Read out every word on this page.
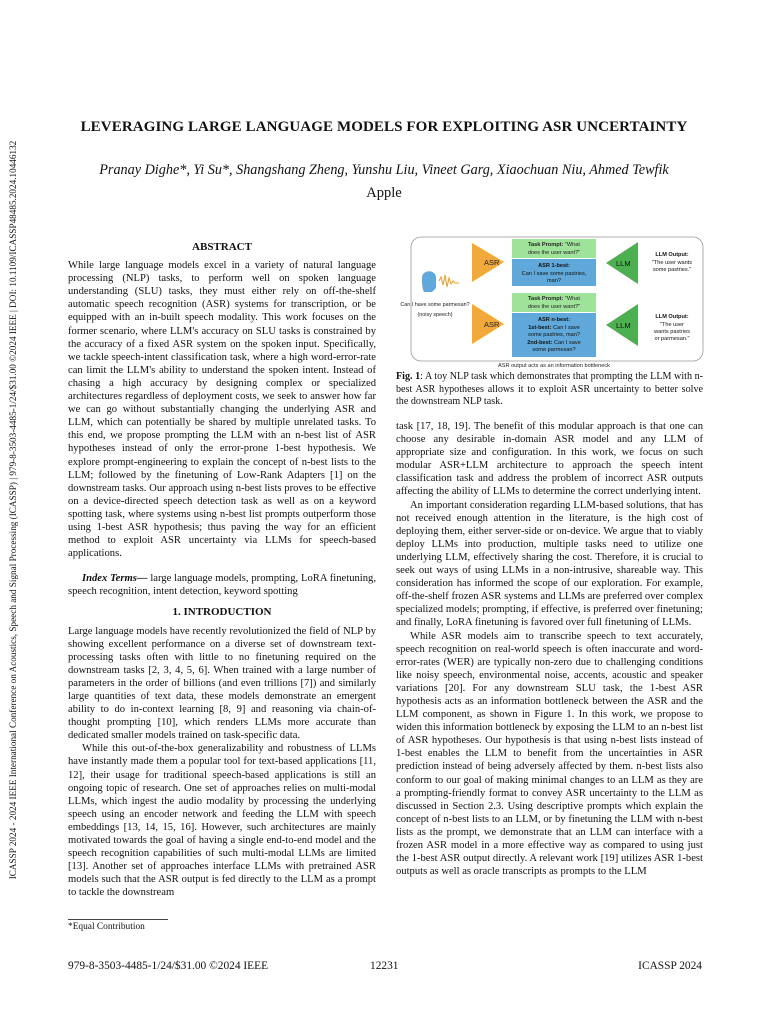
ICASSP 2024 - 2024 IEEE International Conference on Acoustics, Speech and Signal Processing (ICASSP) | 979-8-3503-4485-1/24/$31.00 ©2024 IEEE | DOI: 10.1109/ICASSP48485.2024.10446132
LEVERAGING LARGE LANGUAGE MODELS FOR EXPLOITING ASR UNCERTAINTY
Pranay Dighe*, Yi Su*, Shangshang Zheng, Yunshu Liu, Vineet Garg, Xiaochuan Niu, Ahmed Tewfik
Apple
ABSTRACT

While large language models excel in a variety of natural language processing (NLP) tasks, to perform well on spoken language understanding (SLU) tasks, they must either rely on off-the-shelf automatic speech recognition (ASR) systems for transcription, or be equipped with an in-built speech modality. This work focuses on the former scenario, where LLM's accuracy on SLU tasks is constrained by the accuracy of a fixed ASR system on the spoken input. Specifically, we tackle speech-intent classification task, where a high word-error-rate can limit the LLM's ability to understand the spoken intent. Instead of chasing a high accuracy by designing complex or specialized architectures regardless of deployment costs, we seek to answer how far we can go without substantially changing the underlying ASR and LLM, which can potentially be shared by multiple unrelated tasks. To this end, we propose prompting the LLM with an n-best list of ASR hypotheses instead of only the error-prone 1-best hypothesis. We explore prompt-engineering to explain the concept of n-best lists to the LLM; followed by the finetuning of Low-Rank Adapters [1] on the downstream tasks. Our approach using n-best lists proves to be effective on a device-directed speech detection task as well as on a keyword spotting task, where systems using n-best list prompts outperform those using 1-best ASR hypothesis; thus paving the way for an efficient method to exploit ASR uncertainty via LLMs for speech-based applications.

Index Terms— large language models, prompting, LoRA finetuning, speech recognition, intent detection, keyword spotting

1. INTRODUCTION

Large language models have recently revolutionized the field of NLP by showing excellent performance on a diverse set of downstream text-processing tasks often with little to no finetuning required on the downstream tasks [2, 3, 4, 5, 6]. When trained with a large number of parameters in the order of billions (and even trillions [7]) and similarly large quantities of text data, these models demonstrate an emergent ability to do in-context learning [8, 9] and reasoning via chain-of-thought prompting [10], which renders LLMs more accurate than dedicated smaller models trained on task-specific data.

While this out-of-the-box generalizability and robustness of LLMs have instantly made them a popular tool for text-based applications [11, 12], their usage for traditional speech-based applications is still an ongoing topic of research. One set of approaches relies on multi-modal LLMs, which ingest the audio modality by processing the underlying speech using an encoder network and feeding the LLM with speech embeddings [13, 14, 15, 16]. However, such architectures are mainly motivated towards the goal of having a single end-to-end model and the speech recognition capabilities of such multi-modal LLMs are limited [13]. Another set of approaches interface LLMs with pretrained ASR models such that the ASR output is fed directly to the LLM as a prompt to tackle the downstream

Can I have some parmesan?
(noisy speech)
ASR
ASR
Task Prompt: "What
does the user want?"
ASR 1-best:
Can I save some pastries,
man?
LLM
LLM Output:
"The user wants
some pastries."
Task Prompt: "What
does the user want?"
ASR n-best:
1st-best: Can I save
some pastries, man?
2nd-best: Can I save
some parmesan?
LLM
LLM Output:
"The user
wants pastries
or parmesan."
ASR output acts as an information bottleneck
Fig. 1: A toy NLP task which demonstrates that prompting the LLM with n-best ASR hypotheses allows it to exploit ASR uncertainty to better solve the downstream NLP task.

task [17, 18, 19]. The benefit of this modular approach is that one can choose any desirable in-domain ASR model and any LLM of appropriate size and configuration. In this work, we focus on such modular ASR+LLM architecture to approach the speech intent classification task and address the problem of incorrect ASR outputs affecting the ability of LLMs to determine the correct underlying intent.

An important consideration regarding LLM-based solutions, that has not received enough attention in the literature, is the high cost of deploying them, either server-side or on-device. We argue that to viably deploy LLMs into production, multiple tasks need to utilize one underlying LLM, effectively sharing the cost. Therefore, it is crucial to seek out ways of using LLMs in a non-intrusive, shareable way. This consideration has informed the scope of our exploration. For example, off-the-shelf frozen ASR systems and LLMs are preferred over complex specialized models; prompting, if effective, is preferred over finetuning; and finally, LoRA finetuning is favored over full finetuning of LLMs.

While ASR models aim to transcribe speech to text accurately, speech recognition on real-world speech is often inaccurate and word-error-rates (WER) are typically non-zero due to challenging conditions like noisy speech, environmental noise, accents, acoustic and speaker variations [20]. For any downstream SLU task, the 1-best ASR hypothesis acts as an information bottleneck between the ASR and the LLM component, as shown in Figure 1. In this work, we propose to widen this information bottleneck by exposing the LLM to an n-best list of ASR hypotheses. Our hypothesis is that using n-best lists instead of 1-best enables the LLM to benefit from the uncertainties in ASR prediction instead of being adversely affected by them. n-best lists also conform to our goal of making minimal changes to an LLM as they are a prompting-friendly format to convey ASR uncertainty to the LLM as discussed in Section 2.3. Using descriptive prompts which explain the concept of n-best lists to an LLM, or by finetuning the LLM with n-best lists as the prompt, we demonstrate that an LLM can interface with a frozen ASR model in a more effective way as compared to using just the 1-best ASR output directly. A relevant work [19] utilizes ASR 1-best outputs as well as oracle transcripts as prompts to the LLM

*Equal Contribution
979-8-3503-4485-1/24/$31.00 ©2024 IEEE	12231	ICASSP 2024
